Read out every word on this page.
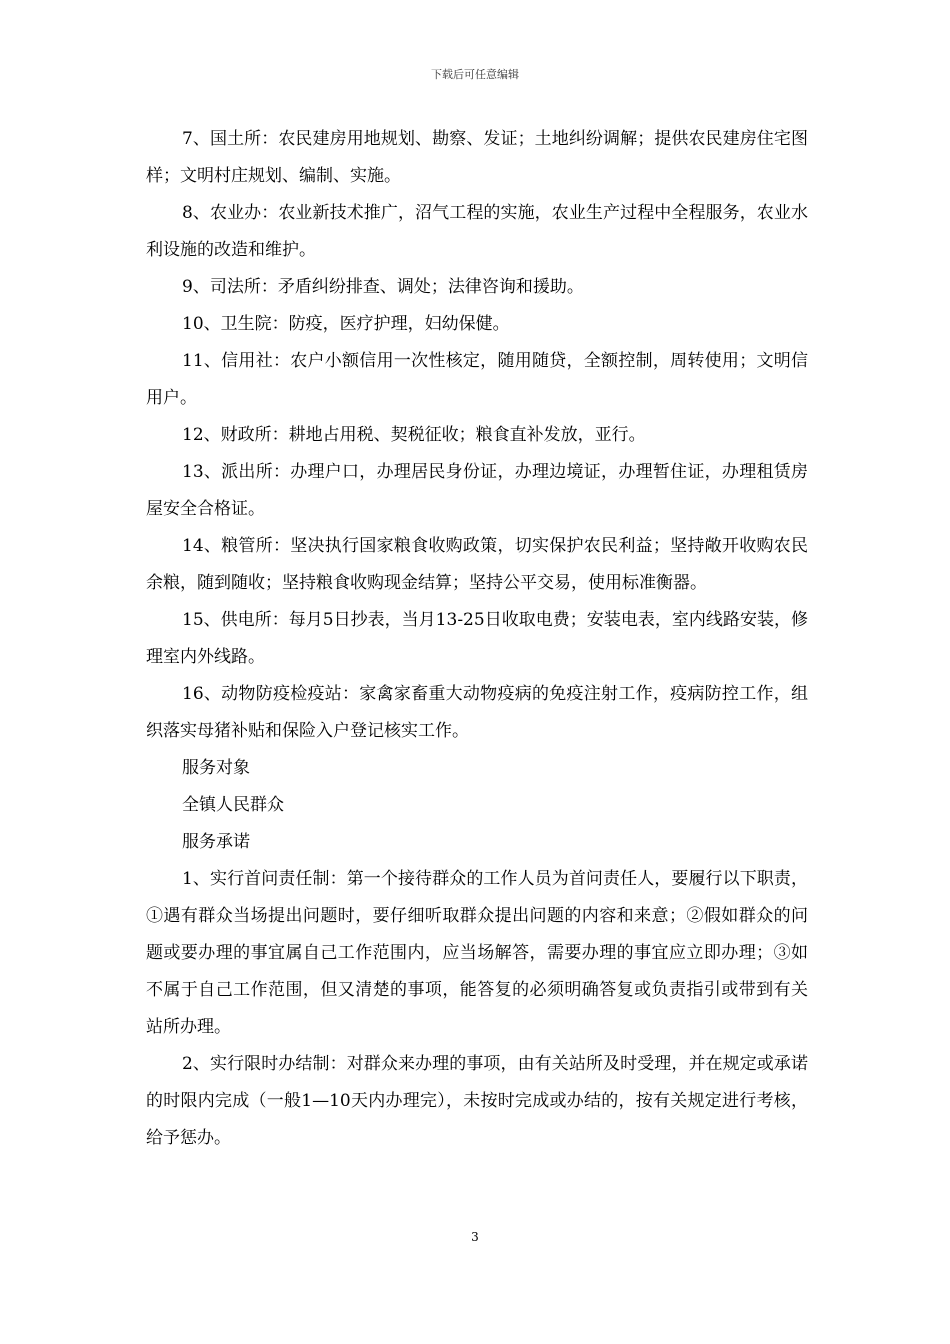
下载后可任意编辑

7、国土所：农民建房用地规划、勘察、发证；土地纠纷调解；提供农民建房住宅图样；文明村庄规划、编制、实施。

8、农业办：农业新技术推广，沼气工程的实施，农业生产过程中全程服务，农业水利设施的改造和维护。

9、司法所：矛盾纠纷排查、调处；法律咨询和援助。

10、卫生院：防疫，医疗护理，妇幼保健。

11、信用社：农户小额信用一次性核定，随用随贷，全额控制，周转使用；文明信用户。

12、财政所：耕地占用税、契税征收；粮食直补发放，亚行。

13、派出所：办理户口，办理居民身份证，办理边境证，办理暂住证，办理租赁房屋安全合格证。

14、粮管所：坚决执行国家粮食收购政策，切实保护农民利益；坚持敞开收购农民余粮，随到随收；坚持粮食收购现金结算；坚持公平交易，使用标准衡器。

15、供电所：每月5日抄表，当月13-25日收取电费；安装电表，室内线路安装，修理室内外线路。

16、动物防疫检疫站：家禽家畜重大动物疫病的免疫注射工作，疫病防控工作，组织落实母猪补贴和保险入户登记核实工作。

服务对象

全镇人民群众

服务承诺

1、实行首问责任制：第一个接待群众的工作人员为首问责任人，要履行以下职责，①遇有群众当场提出问题时，要仔细听取群众提出问题的内容和来意；②假如群众的问题或要办理的事宜属自己工作范围内，应当场解答，需要办理的事宜应立即办理；③如不属于自己工作范围，但又清楚的事项，能答复的必须明确答复或负责指引或带到有关站所办理。

2、实行限时办结制：对群众来办理的事项，由有关站所及时受理，并在规定或承诺的时限内完成（一般1—10天内办理完），未按时完成或办结的，按有关规定进行考核，给予惩办。

3
